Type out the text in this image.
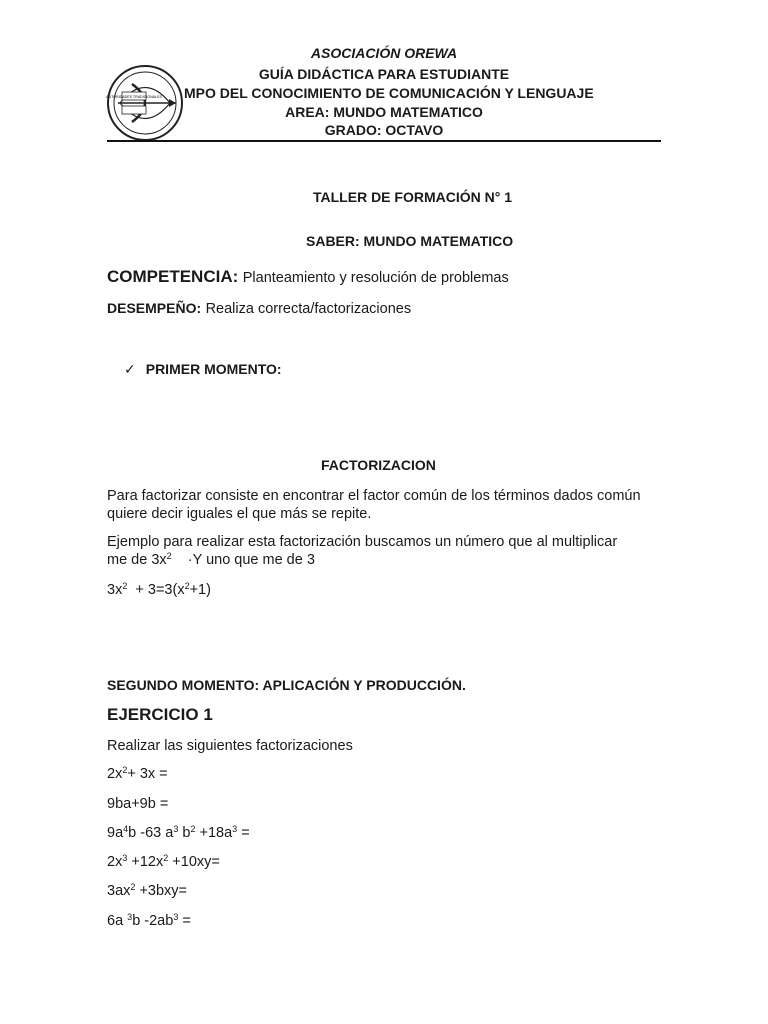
AUTORIDADES TRADICIONALES
ASOCIACIÓN OREWA
GUÍA DIDÁCTICA PARA ESTUDIANTE
MPO DEL CONOCIMIENTO DE COMUNICACIÓN Y LENGUAJE
AREA: MUNDO MATEMATICO
GRADO: OCTAVO
TALLER DE FORMACIÓN N° 1
SABER: MUNDO MATEMATICO
COMPETENCIA: Planteamiento y resolución de problemas
DESEMPEÑO: Realiza correcta/factorizaciones
✓ PRIMER MOMENTO:
FACTORIZACION
Para factorizar consiste en encontrar el factor común de los términos dados común quiere decir iguales el que más se repite.
Ejemplo para realizar esta factorización buscamos un número que al multiplicar
me de $3x^2 \cdot Y$ uno que me de 3
$3x^2 + 3=3(x^2+1)$
SEGUNDO MOMENTO: APLICACIÓN Y PRODUCCIÓN.
EJERCICIO 1
Realizar las siguientes factorizaciones
$2x^2+ 3x$ =
9ba+9b =
$9a^4b$ -63 $a^3$ $b^2 +18a^3$ =
$2x^3 +12x^2 +10xy=$
$3ax^2 +3bxy=$
6a $^3$b $-2ab^3$ =
